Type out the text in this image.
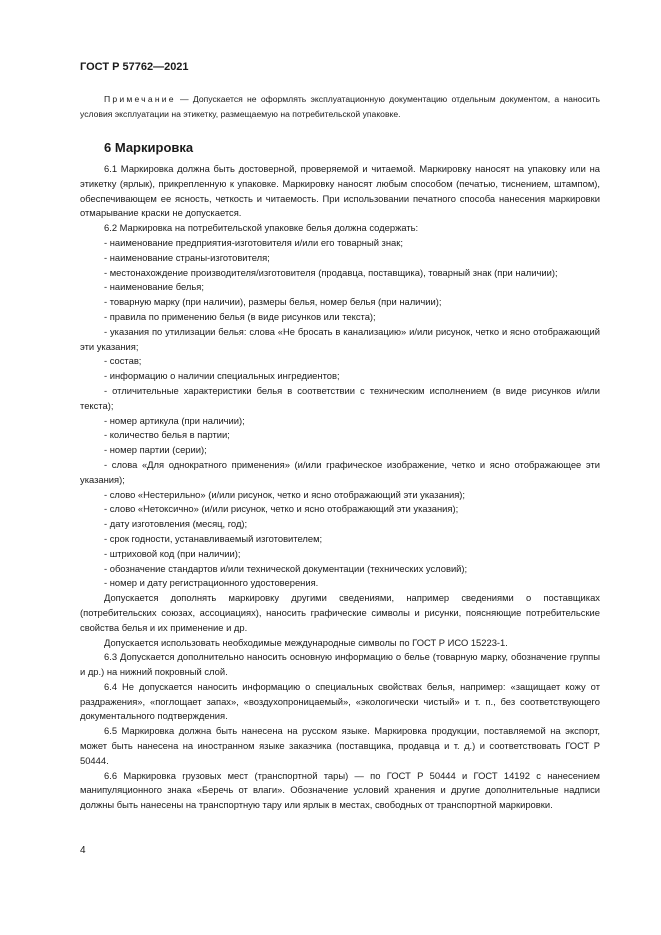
ГОСТ Р 57762—2021
Примечание — Допускается не оформлять эксплуатационную документацию отдельным документом, а наносить условия эксплуатации на этикетку, размещаемую на потребительской упаковке.
6 Маркировка

6.1 Маркировка должна быть достоверной, проверяемой и читаемой. Маркировку наносят на упаковку или на этикетку (ярлык), прикрепленную к упаковке. Маркировку наносят любым способом (печатью, тиснением, штампом), обеспечивающем ее ясность, четкость и читаемость. При использовании печатного способа нанесения маркировки отмарывание краски не допускается.

6.2 Маркировка на потребительской упаковке белья должна содержать:

- наименование предприятия-изготовителя и/или его товарный знак;

- наименование страны-изготовителя;

- местонахождение производителя/изготовителя (продавца, поставщика), товарный знак (при наличии);

- наименование белья;

- товарную марку (при наличии), размеры белья, номер белья (при наличии);

- правила по применению белья (в виде рисунков или текста);

- указания по утилизации белья: слова «Не бросать в канализацию» и/или рисунок, четко и ясно отображающий эти указания;

- состав;

- информацию о наличии специальных ингредиентов;

- отличительные характеристики белья в соответствии с техническим исполнением (в виде рисунков и/или текста);

- номер артикула (при наличии);

- количество белья в партии;

- номер партии (серии);

- слова «Для однократного применения» (и/или графическое изображение, четко и ясно отображающее эти указания);

- слово «Нестерильно» (и/или рисунок, четко и ясно отображающий эти указания);

- слово «Нетоксично» (и/или рисунок, четко и ясно отображающий эти указания);

- дату изготовления (месяц, год);

- срок годности, устанавливаемый изготовителем;

- штриховой код (при наличии);

- обозначение стандартов и/или технической документации (технических условий);

- номер и дату регистрационного удостоверения.

Допускается дополнять маркировку другими сведениями, например сведениями о поставщиках (потребительских союзах, ассоциациях), наносить графические символы и рисунки, поясняющие потребительские свойства белья и их применение и др.

Допускается использовать необходимые международные символы по ГОСТ Р ИСО 15223-1.

6.3 Допускается дополнительно наносить основную информацию о белье (товарную марку, обозначение группы и др.) на нижний покровный слой.

6.4 Не допускается наносить информацию о специальных свойствах белья, например: «защищает кожу от раздражения», «поглощает запах», «воздухопроницаемый», «экологически чистый» и т. п., без соответствующего документального подтверждения.

6.5 Маркировка должна быть нанесена на русском языке. Маркировка продукции, поставляемой на экспорт, может быть нанесена на иностранном языке заказчика (поставщика, продавца и т. д.) и соответствовать ГОСТ Р 50444.

6.6 Маркировка грузовых мест (транспортной тары) — по ГОСТ Р 50444 и ГОСТ 14192 с нанесением манипуляционного знака «Беречь от влаги». Обозначение условий хранения и другие дополнительные надписи должны быть нанесены на транспортную тару или ярлык в местах, свободных от транспортной маркировки.

4
